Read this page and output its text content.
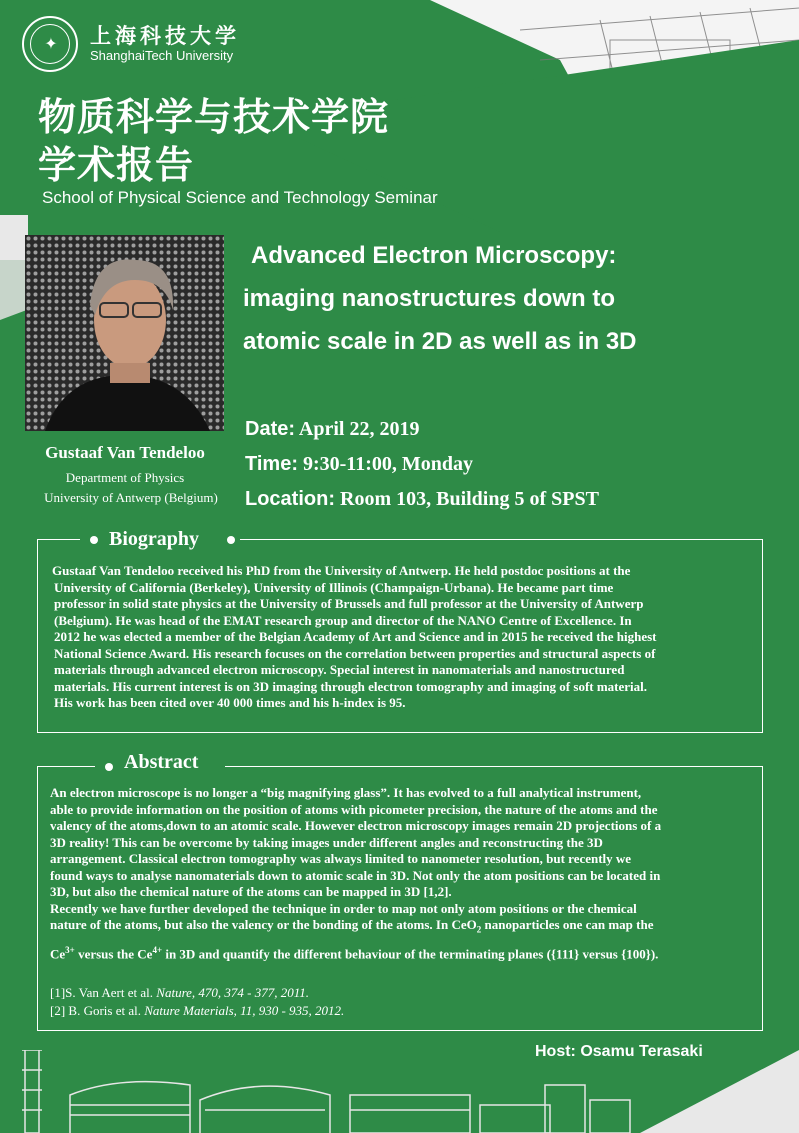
✦	上海科技大学
ShanghaiTech University
物质科学与技术学院
学术报告
School of Physical Science and Technology Seminar
Gustaaf Van Tendeloo
Department of Physics
University of Antwerp (Belgium)
Advanced Electron Microscopy:
imaging nanostructures down to
atomic scale in 2D as well as in 3D
Date: April 22, 2019
Time: 9:30-11:00, Monday
Location: Room 103, Building 5 of SPST
Biography
Gustaaf Van Tendeloo received his PhD from the University of Antwerp. He held postdoc positions at the
University of California (Berkeley), University of Illinois (Champaign-Urbana). He became part time
professor in solid state physics at the University of Brussels and full professor at the University of Antwerp
(Belgium). He was head of the EMAT research group and director of the NANO Centre of Excellence. In
2012 he was elected a member of the Belgian Academy of Art and Science and in 2015 he received the highest
National Science Award. His research focuses on the correlation between properties and structural aspects of
materials through advanced electron microscopy. Special interest in nanomaterials and nanostructured
materials. His current interest is on 3D imaging through electron tomography and imaging of soft material.
His work has been cited over 40 000 times and his h-index is 95.
Abstract
An electron microscope is no longer a “big magnifying glass”. It has evolved to a full analytical instrument,
able to provide information on the position of atoms with picometer precision, the nature of the atoms and the
valency of the atoms,down to an atomic scale. However electron microscopy images remain 2D projections of a
3D reality! This can be overcome by taking images under different angles and reconstructing the 3D
arrangement. Classical electron tomography was always limited to nanometer resolution, but recently we
found ways to analyse nanomaterials down to atomic scale in 3D. Not only the atom positions can be located in
3D, but also the chemical nature of the atoms can be mapped in 3D [1,2].
Recently we have further developed the technique in order to map not only atom positions or the chemical
nature of the atoms, but also the valency or the bonding of the atoms. In CeO$_2$ nanoparticles one can map the
$Ce^{3+}$ versus the $Ce^{4+}$ in 3D and quantify the different behaviour of the terminating planes ({111} versus {100}).
[1]S. Van Aert et al. Nature, 470, 374 - 377, 2011.
[2] B. Goris et al. Nature Materials, 11, 930 - 935, 2012.
Host: Osamu Terasaki
